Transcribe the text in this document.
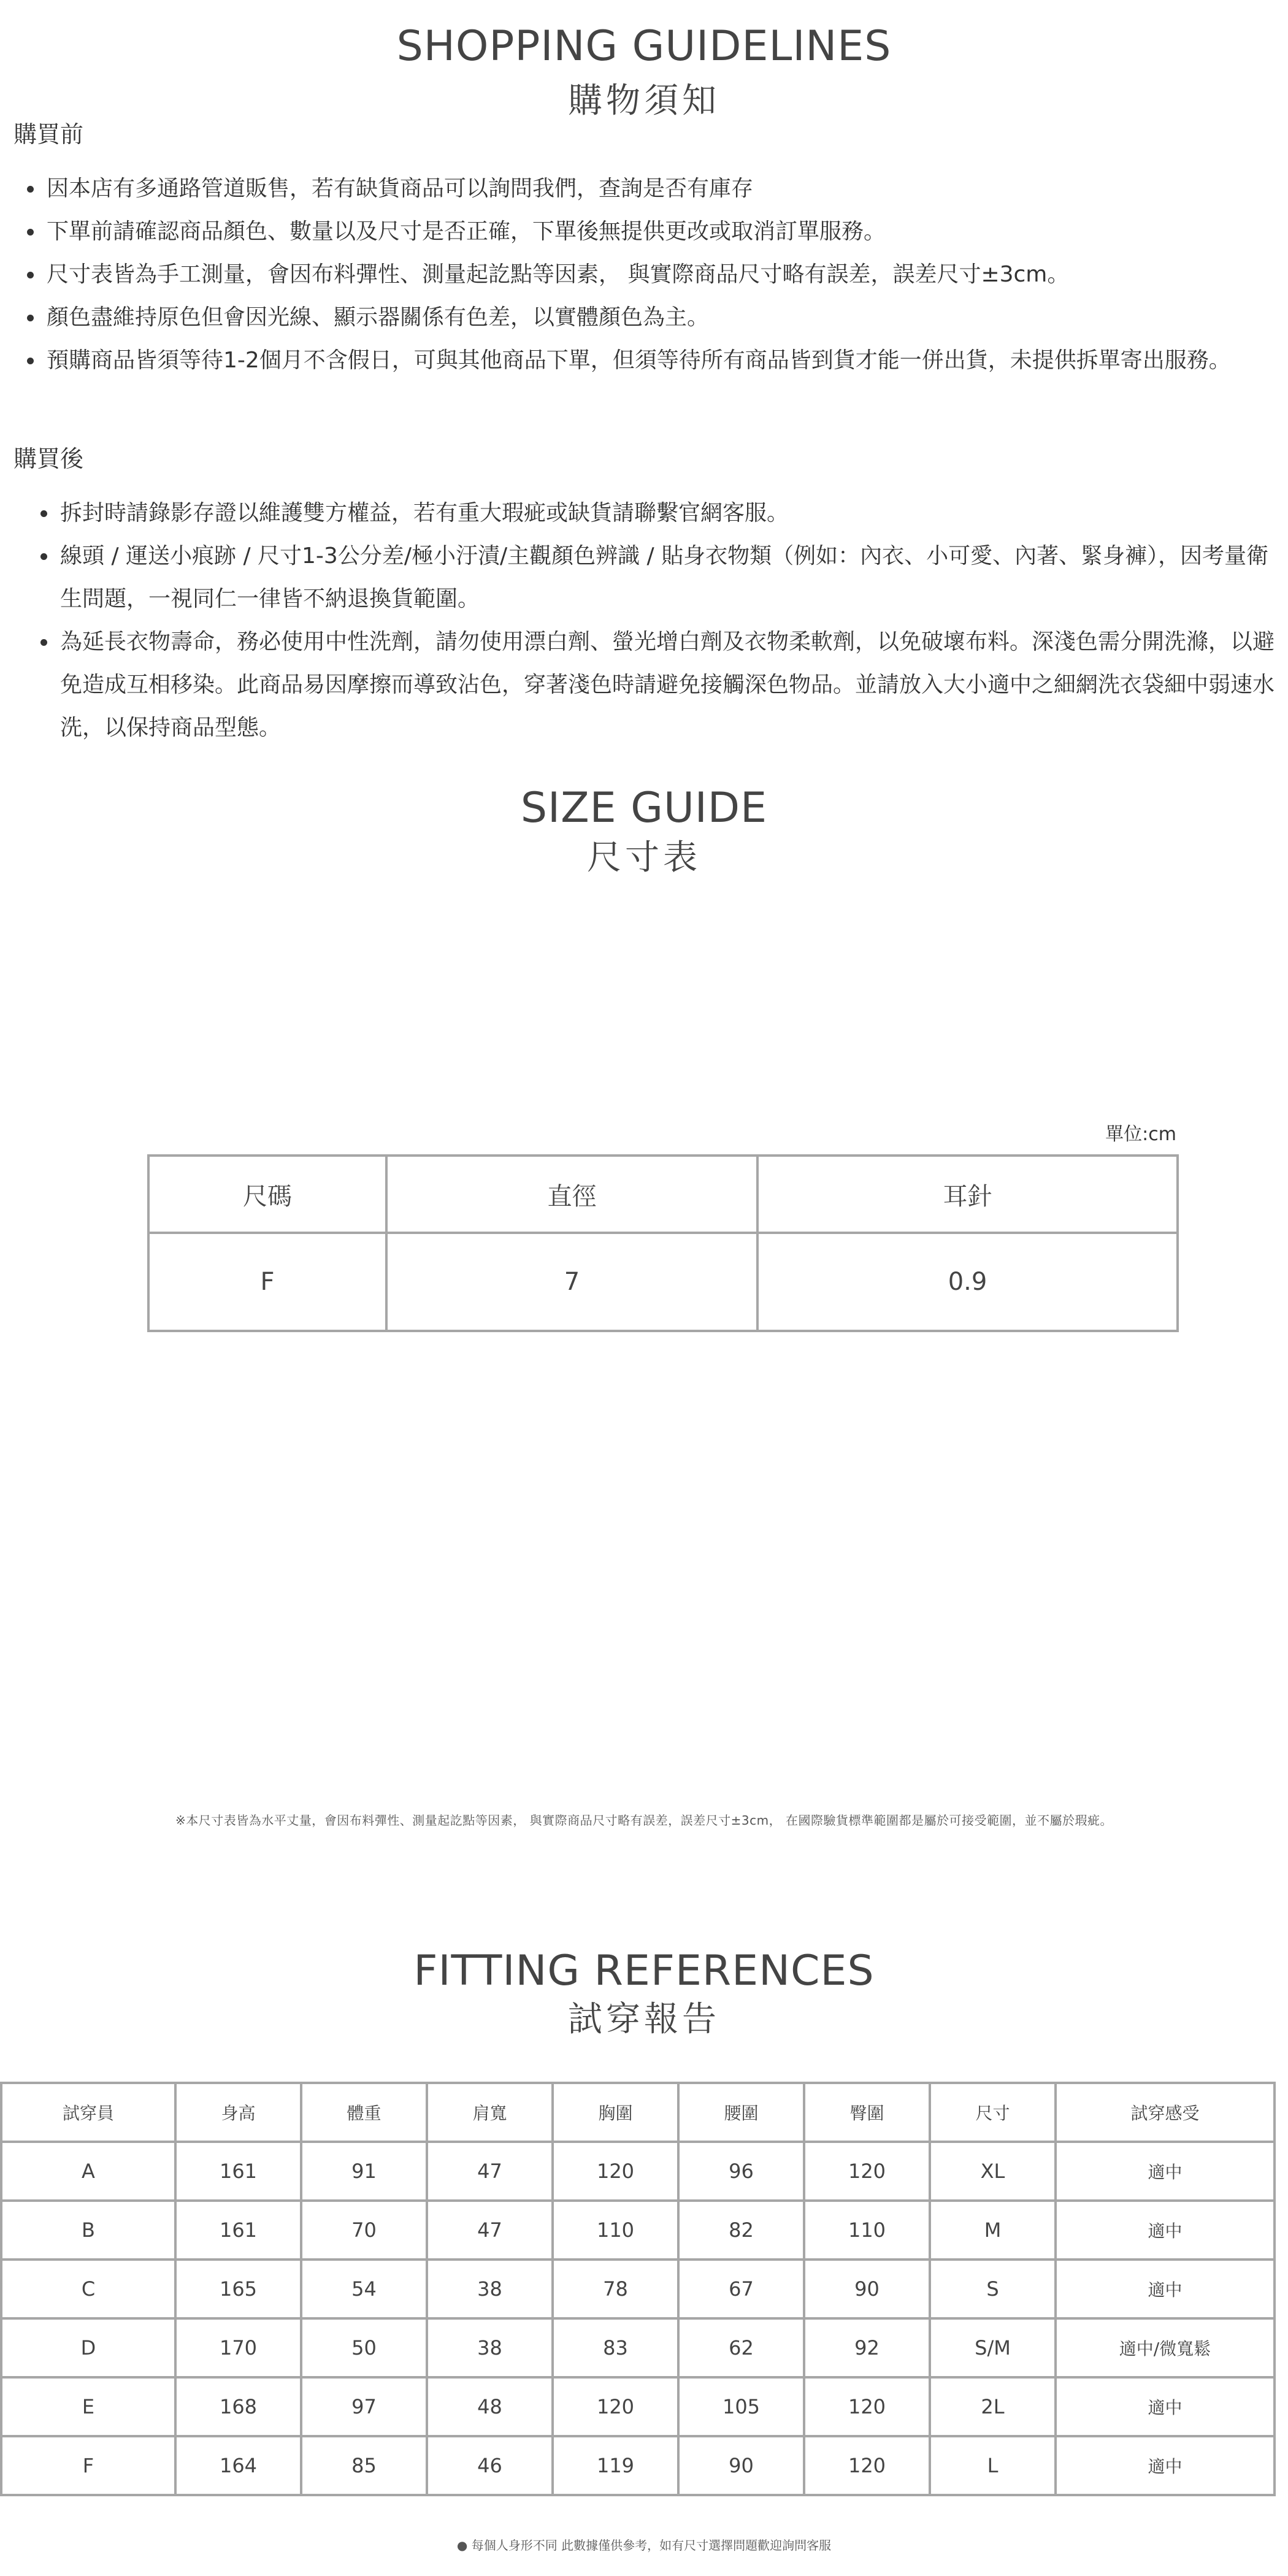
SHOPPING GUIDELINES
購物須知
購買前
因本店有多通路管道販售，若有缺貨商品可以詢問我們，查詢是否有庫存
下單前請確認商品顏色、數量以及尺寸是否正確，下單後無提供更改或取消訂單服務。
尺寸表皆為手工測量，會因布料彈性、測量起訖點等因素， 與實際商品尺寸略有誤差，誤差尺寸±3cm。
顏色盡維持原色但會因光線、顯示器關係有色差，以實體顏色為主。
預購商品皆須等待1-2個月不含假日，可與其他商品下單，但須等待所有商品皆到貨才能一併出貨，未提供拆單寄出服務。
購買後
拆封時請錄影存證以維護雙方權益，若有重大瑕疵或缺貨請聯繫官網客服。
線頭 / 運送小痕跡 / 尺寸1-3公分差/極小汙漬/主觀顏色辨識 / 貼身衣物類（例如：內衣、小可愛、內著、緊身褲），因考量衛生問題，一視同仁一律皆不納退換貨範圍。
為延長衣物壽命，務必使用中性洗劑，請勿使用漂白劑、螢光增白劑及衣物柔軟劑，以免破壞布料。深淺色需分開洗滌，以避免造成互相移染。此商品易因摩擦而導致沾色，穿著淺色時請避免接觸深色物品。並請放入大小適中之細網洗衣袋細中弱速水洗，以保持商品型態。
SIZE GUIDE
尺寸表
單位:cm
尺碼	直徑	耳針
F	7	0.9
※本尺寸表皆為水平丈量，會因布料彈性、測量起訖點等因素， 與實際商品尺寸略有誤差，誤差尺寸±3cm， 在國際驗貨標準範圍都是屬於可接受範圍，並不屬於瑕疵。
FITTING REFERENCES
試穿報告
試穿員	身高	體重	肩寬	胸圍	腰圍	臀圍	尺寸	試穿感受
A	161	91	47	120	96	120	XL	適中
B	161	70	47	110	82	110	M	適中
C	165	54	38	78	67	90	S	適中
D	170	50	38	83	62	92	S/M	適中/微寬鬆
E	168	97	48	120	105	120	2L	適中
F	164	85	46	119	90	120	L	適中
● 每個人身形不同 此數據僅供參考，如有尺寸選擇問題歡迎詢問客服
